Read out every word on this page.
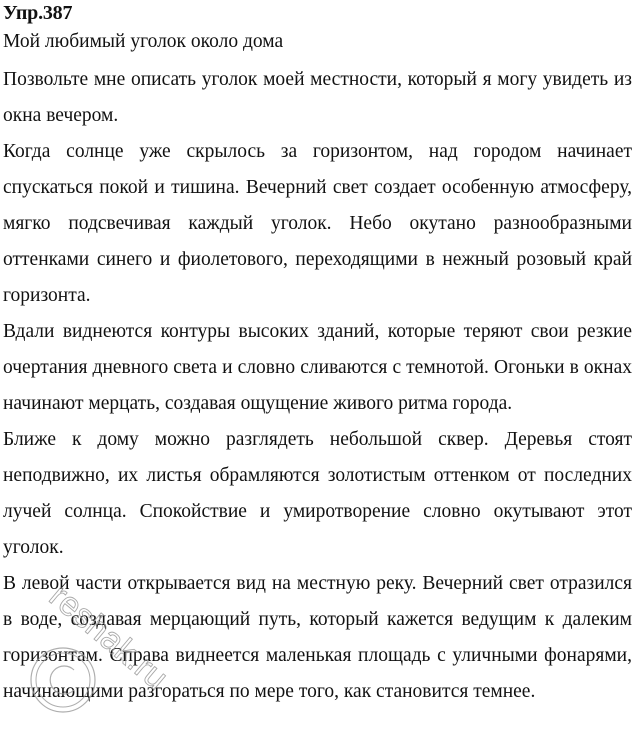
Упр.387
Мой любимый уголок около дома

Позвольте мне описать уголок моей местности, который я могу увидеть из окна вечером.

Когда солнце уже скрылось за горизонтом, над городом начинает спускаться покой и тишина. Вечерний свет создает особенную атмосферу, мягко подсвечивая каждый уголок. Небо окутано разнообразными оттенками синего и фиолетового, переходящими в нежный розовый край горизонта.

Вдали виднеются контуры высоких зданий, которые теряют свои резкие очертания дневного света и словно сливаются с темнотой. Огоньки в окнах начинают мерцать, создавая ощущение живого ритма города.

Ближе к дому можно разглядеть небольшой сквер. Деревья стоят неподвижно, их листья обрамляются золотистым оттенком от последних лучей солнца. Спокойствие и умиротворение словно окутывают этот уголок.

В левой части открывается вид на местную реку. Вечерний свет отразился в воде, создавая мерцающий путь, который кажется ведущим к далеким горизонтам. Справа виднеется маленькая площадь с уличными фонарями, начинающими разгораться по мере того, как становится темнее.

reshak.ru
